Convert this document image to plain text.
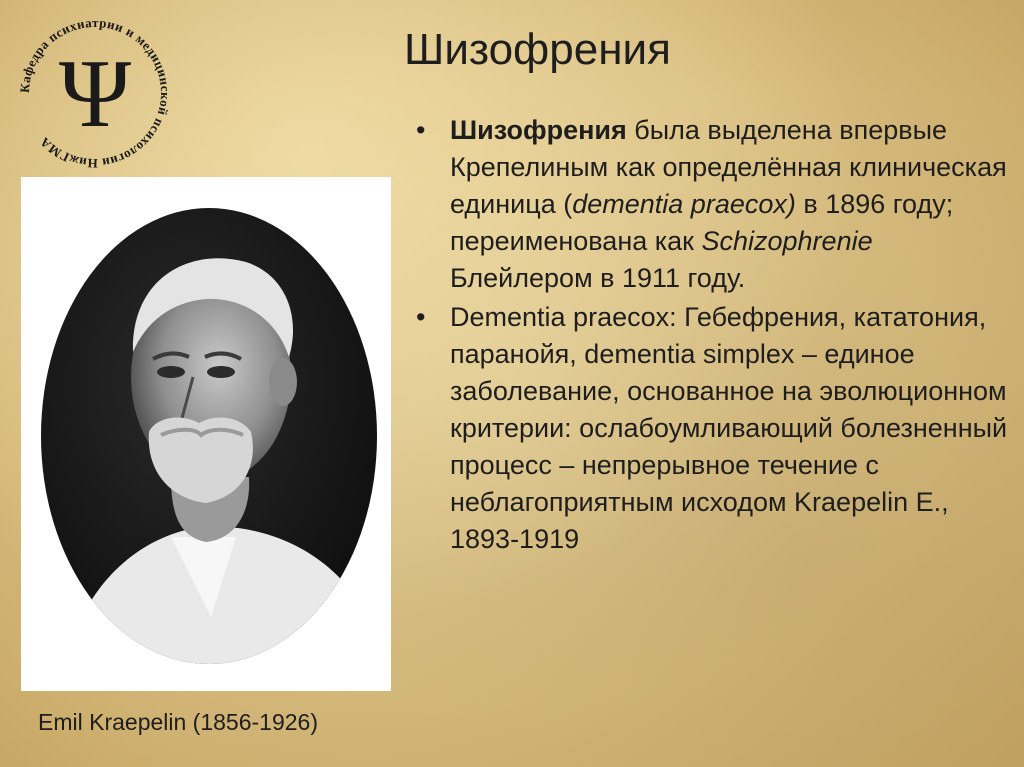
Кафедра психиатрии и медицинской психологии НижГМА Ψ	Шизофрения
Emil Kraepelin (1856-1926)
• Шизофрения была выделена впервые Крепелиным как определённая клиническая единица (dementia praecox) в 1896 году; переименована как Schizophrenie Блейлером в 1911 году.
• Dementia praecox: Гебефрения, кататония, паранойя, dementia simplex – единое заболевание, основанное на эволюционном критерии: ослабоумливающий болезненный процесс – непрерывное течение с неблагоприятным исходом Kraepelin E., 1893-1919
